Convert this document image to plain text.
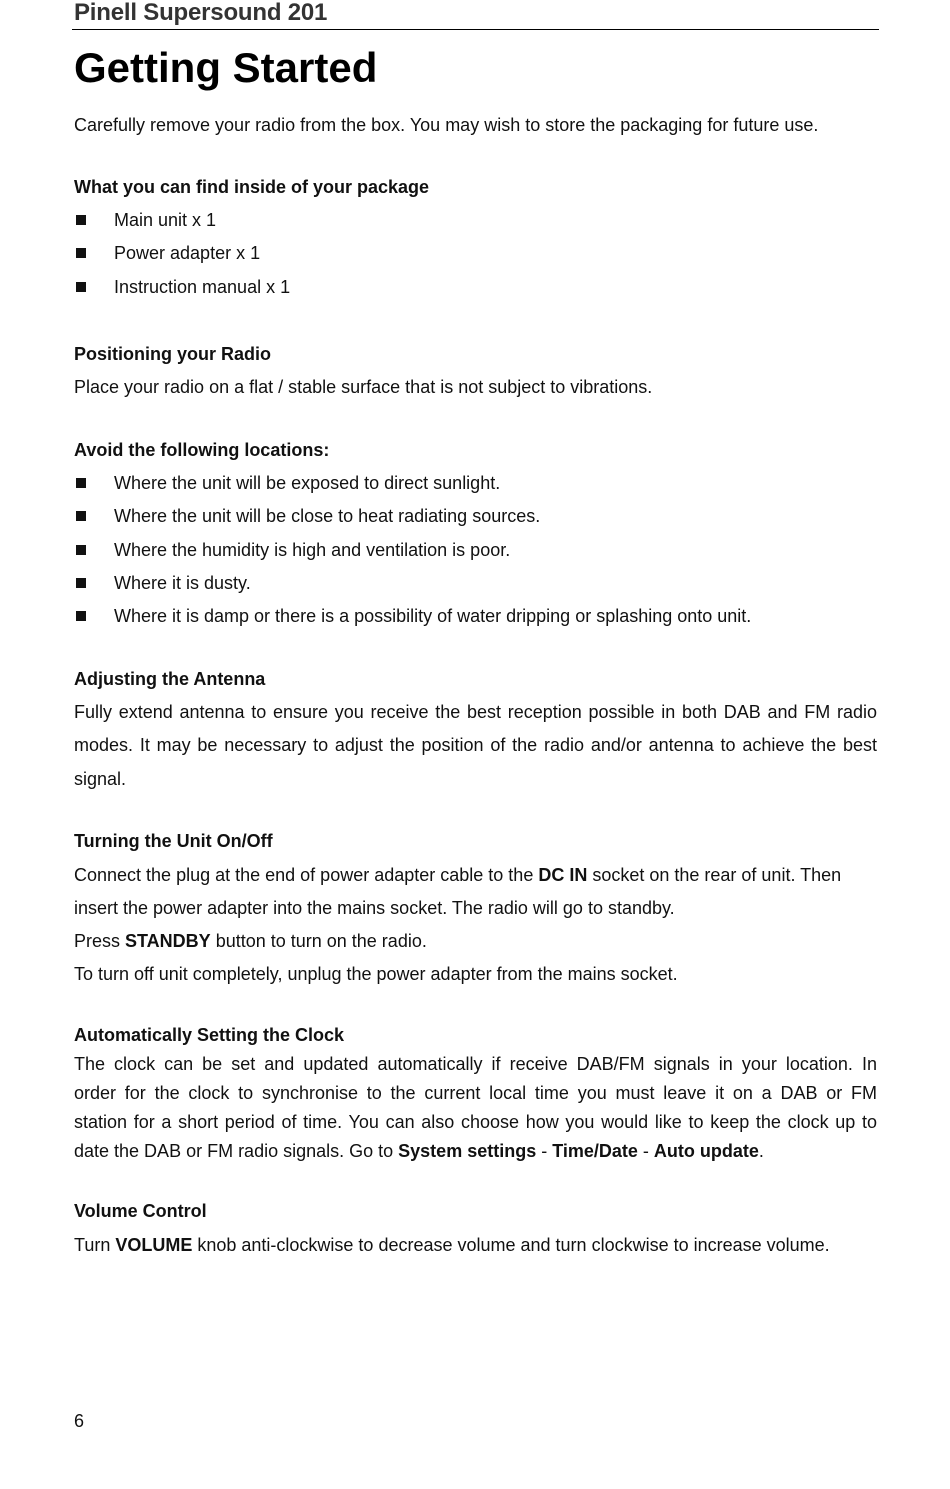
Pinell Supersound 201
Getting Started
Carefully remove your radio from the box. You may wish to store the packaging for future use.
What you can find inside of your package
Main unit x 1
Power adapter x 1
Instruction manual x 1
Positioning your Radio
Place your radio on a flat / stable surface that is not subject to vibrations.
Avoid the following locations:
Where the unit will be exposed to direct sunlight.
Where the unit will be close to heat radiating sources.
Where the humidity is high and ventilation is poor.
Where it is dusty.
Where it is damp or there is a possibility of water dripping or splashing onto unit.
Adjusting the Antenna
Fully extend antenna to ensure you receive the best reception possible in both DAB and FM radio
modes. It may be necessary to adjust the position of the radio and/or antenna to achieve the best
signal.
Turning the Unit On/Off
Connect the plug at the end of power adapter cable to the DC IN socket on the rear of unit. Then
insert the power adapter into the mains socket. The radio will go to standby.
Press STANDBY button to turn on the radio.
To turn off unit completely, unplug the power adapter from the mains socket.
Automatically Setting the Clock
The clock can be set and updated automatically if receive DAB/FM signals in your location. In
order for the clock to synchronise to the current local time you must leave it on a DAB or FM
station for a short period of time. You can also choose how you would like to keep the clock up to
date the DAB or FM radio signals. Go to System settings - Time/Date - Auto update.
Volume Control
Turn VOLUME knob anti-clockwise to decrease volume and turn clockwise to increase volume.
6
